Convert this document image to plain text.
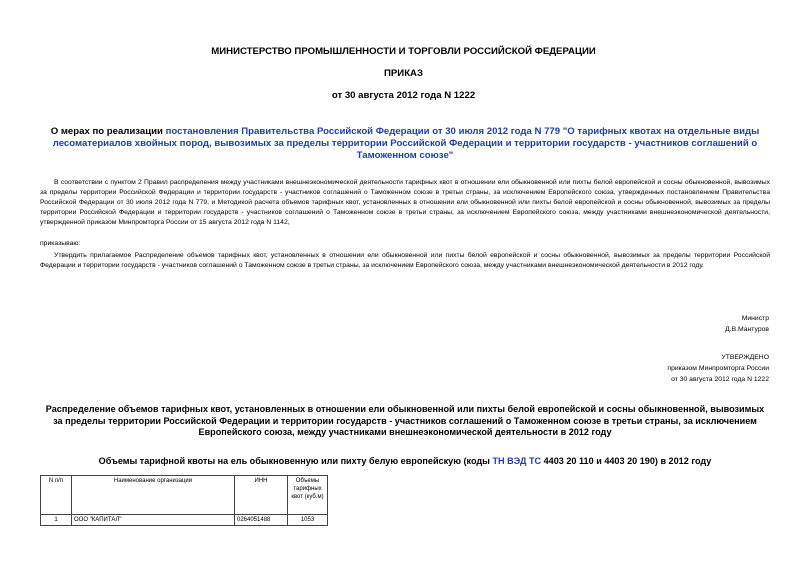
МИНИСТЕРСТВО ПРОМЫШЛЕННОСТИ И ТОРГОВЛИ РОССИЙСКОЙ ФЕДЕРАЦИИ
ПРИКАЗ
от 30 августа 2012 года N 1222
О мерах по реализации постановления Правительства Российской Федерации от 30 июля 2012 года N 779 "О тарифных квотах на отдельные виды лесоматериалов хвойных пород, вывозимых за пределы территории Российской Федерации и территории государств - участников соглашений о Таможенном союзе"
В соответствии с пунктом 2 Правил распределения между участниками внешнеэкономической деятельности тарифных квот в отношении ели обыкновенной или пихты белой европейской и сосны обыкновенной, вывозимых за пределы территории Российской Федерации и территории государств - участников соглашений о Таможенном союзе в третьи страны, за исключением Европейского союза, утвержденных постановлением Правительства Российской Федерации от 30 июля 2012 года N 779, и Методикой расчета объемов тарифных квот, установленных в отношении ели обыкновенной или пихты белой европейской и сосны обыкновенной, вывозимых за пределы территории Российской Федерации и территории государств - участников соглашений о Таможенном союзе в третьи страны, за исключением Европейского союза, между участниками внешнеэкономической деятельности, утвержденной приказом Минпромторга России от 15 августа 2012 года N 1142,
приказываю:
Утвердить прилагаемое Распределение объемов тарифных квот, установленных в отношении ели обыкновенной или пихты белой европейской и сосны обыкновенной, вывозимых за пределы территории Российской Федерации и территории государств - участников соглашений о Таможенном союзе в третьи страны, за исключением Европейского союза, между участниками внешнеэкономической деятельности в 2012 году.
Министр
Д.В.Мантуров
УТВЕРЖДЕНО
приказом Минпромторга России
от 30 августа 2012 года N 1222
Распределение объемов тарифных квот, установленных в отношении ели обыкновенной или пихты белой европейской и сосны обыкновенной, вывозимых за пределы территории Российской Федерации и территории государств - участников соглашений о Таможенном союзе в третьи страны, за исключением Европейского союза, между участниками внешнеэкономической деятельности в 2012 году
Объемы тарифной квоты на ель обыкновенную или пихту белую европейскую (коды ТН ВЭД ТС 4403 20 110 и 4403 20 190) в 2012 году
N п/п	Наименование организации	ИНН	Объемы тарифных квот (куб.м)
1	ООО "КАПИТАЛ"	0264051488	1053
